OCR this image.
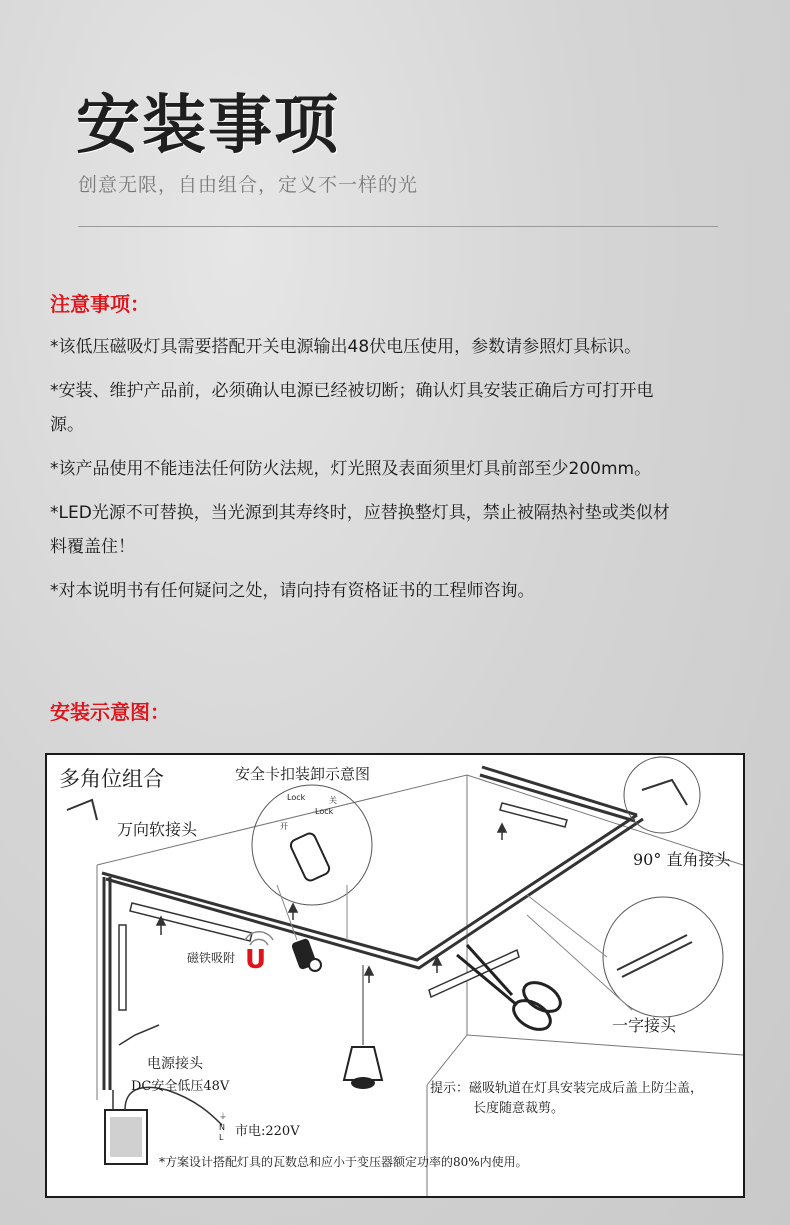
安装事项

创意无限，自由组合，定义不一样的光

注意事项：

*该低压磁吸灯具需要搭配开关电源输出48伏电压使用，参数请参照灯具标识。

*安装、维护产品前，必须确认电源已经被切断；确认灯具安装正确后方可打开电源。

*该产品使用不能违法任何防火法规，灯光照及表面须里灯具前部至少200mm。

*LED光源不可替换，当光源到其寿终时，应替换整灯具，禁止被隔热衬垫或类似材料覆盖住！

*对本说明书有任何疑问之处，请向持有资格证书的工程师咨询。

安装示意图：

多角位组合	安全卡扣装卸示意图

万向软接头

90° 直角接头

磁铁吸附 U

一字接头

电源接头

DC安全低压48V	提示：磁吸轨道在灯具安装完成后盖上防尘盖，

长度随意裁剪。

市电:220V

*方案设计搭配灯具的瓦数总和应小于变压器额定功率的80%内使用。

Lock

Lock

开

关

⏚

N

L
